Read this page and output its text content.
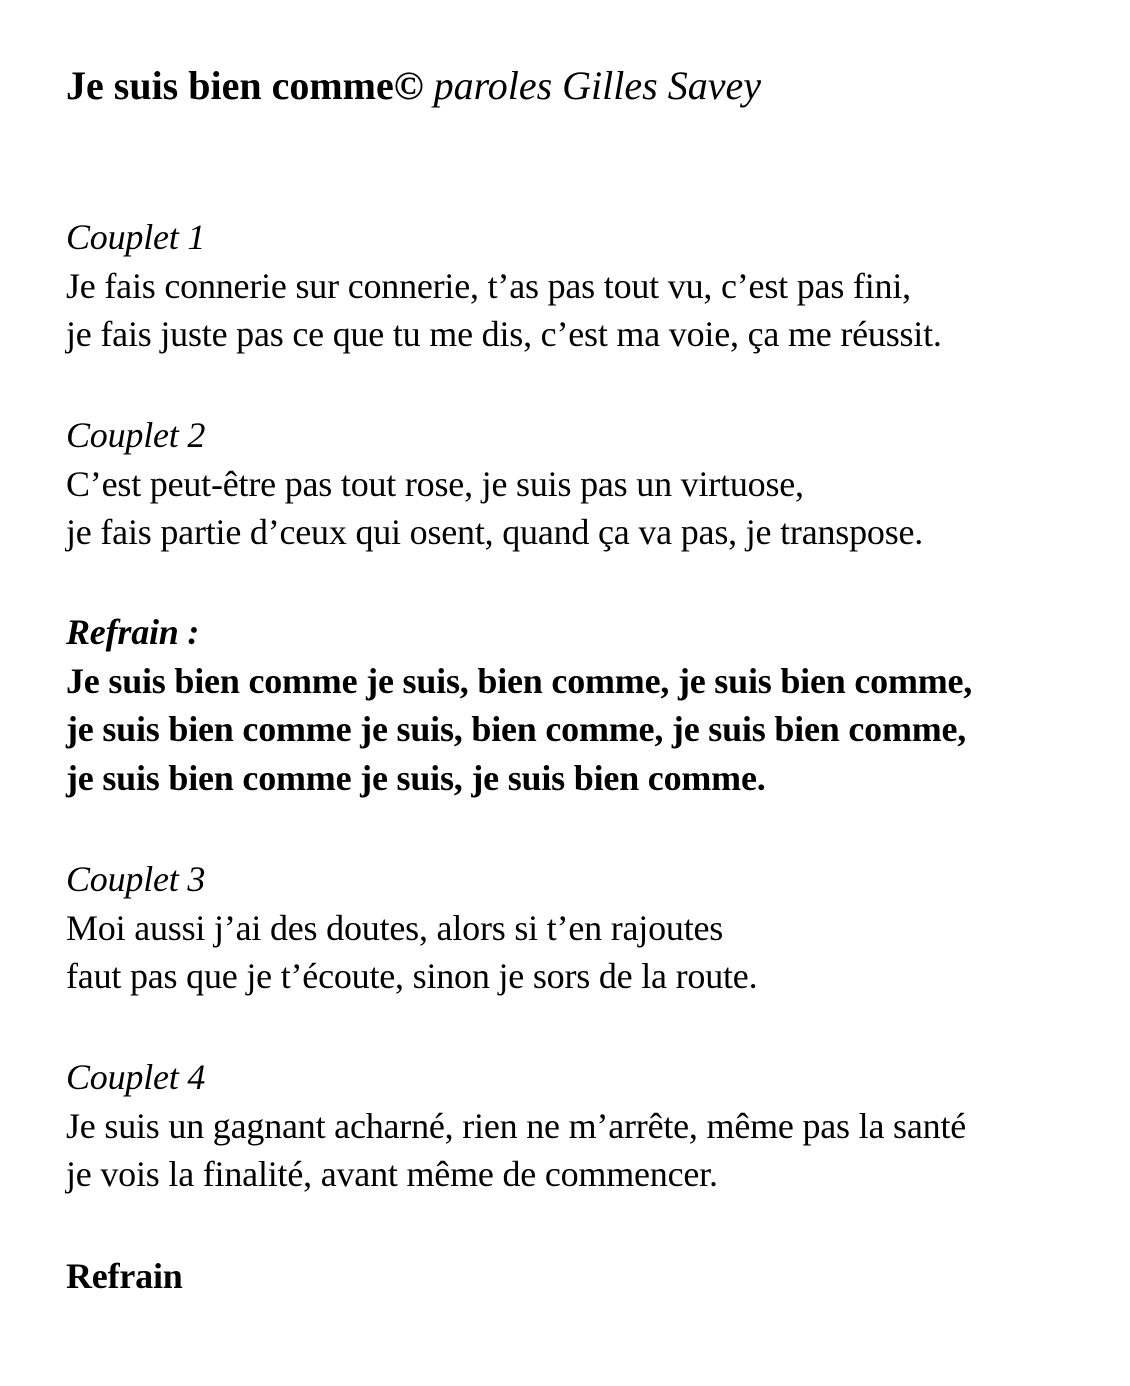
Je suis bien comme© paroles Gilles Savey
Couplet 1
Je fais connerie sur connerie, t’as pas tout vu, c’est pas fini,
je fais juste pas ce que tu me dis, c’est ma voie, ça me réussit.
Couplet 2
C’est peut-être pas tout rose, je suis pas un virtuose,
je fais partie d’ceux qui osent, quand ça va pas, je transpose.
Refrain :
Je suis bien comme je suis, bien comme, je suis bien comme,
je suis bien comme je suis, bien comme, je suis bien comme,
je suis bien comme je suis, je suis bien comme.
Couplet 3
Moi aussi j’ai des doutes, alors si t’en rajoutes
faut pas que je t’écoute, sinon je sors de la route.
Couplet 4
Je suis un gagnant acharné, rien ne m’arrête, même pas la santé
je vois la finalité, avant même de commencer.
Refrain
